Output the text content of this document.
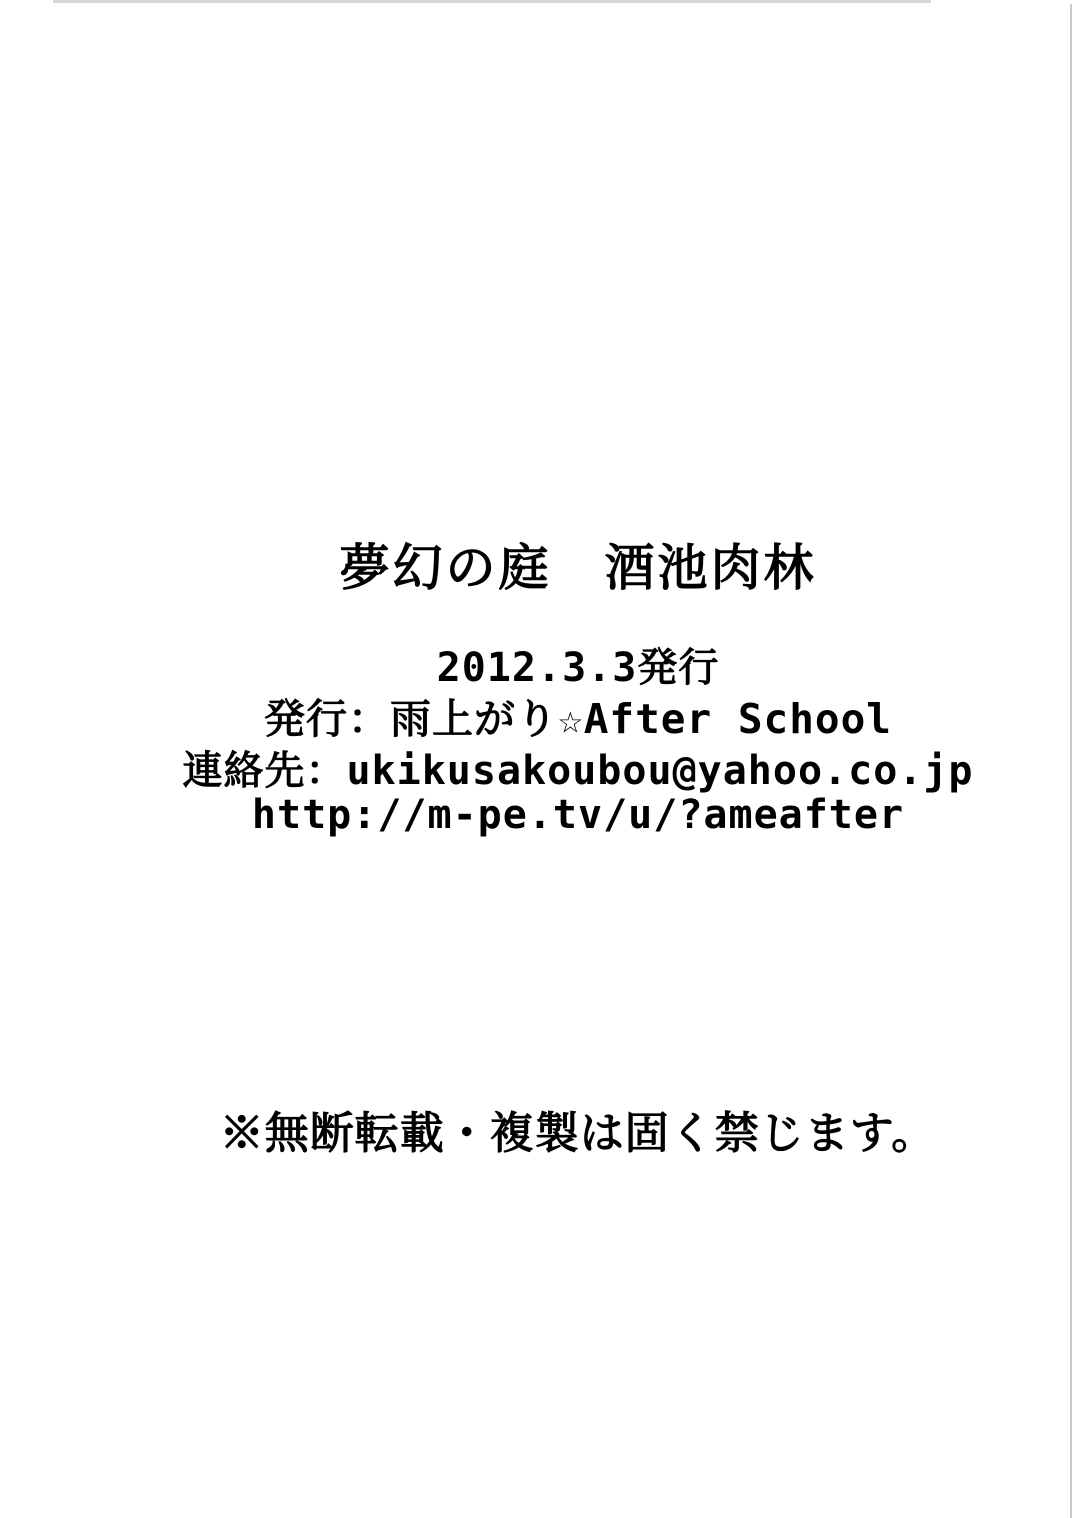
夢幻の庭　酒池肉林
2012.3.3発行
発行：雨上がり☆After School
連絡先：ukikusakoubou@yahoo.co.jp
http://m-pe.tv/u/?ameafter
※無断転載・複製は固く禁じます。
